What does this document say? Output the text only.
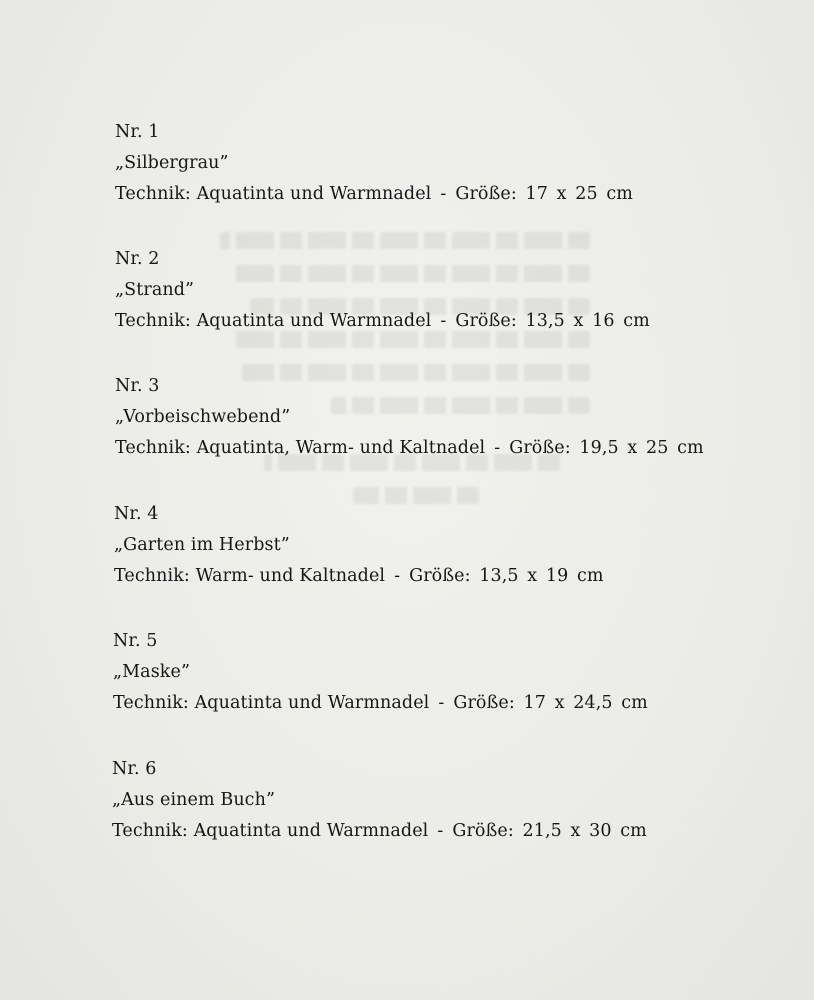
Nr. 1
„Silbergrau”
Technik: Aquatinta und Warmnadel - Größe: 17 x 25 cm
Nr. 2
„Strand”
Technik: Aquatinta und Warmnadel - Größe: 13,5 x 16 cm
Nr. 3
„Vorbeischwebend”
Technik: Aquatinta, Warm- und Kaltnadel - Größe: 19,5 x 25 cm
Nr. 4
„Garten im Herbst”
Technik: Warm- und Kaltnadel - Größe: 13,5 x 19 cm
Nr. 5
„Maske”
Technik: Aquatinta und Warmnadel - Größe: 17 x 24,5 cm
Nr. 6
„Aus einem Buch”
Technik: Aquatinta und Warmnadel - Größe: 21,5 x 30 cm
